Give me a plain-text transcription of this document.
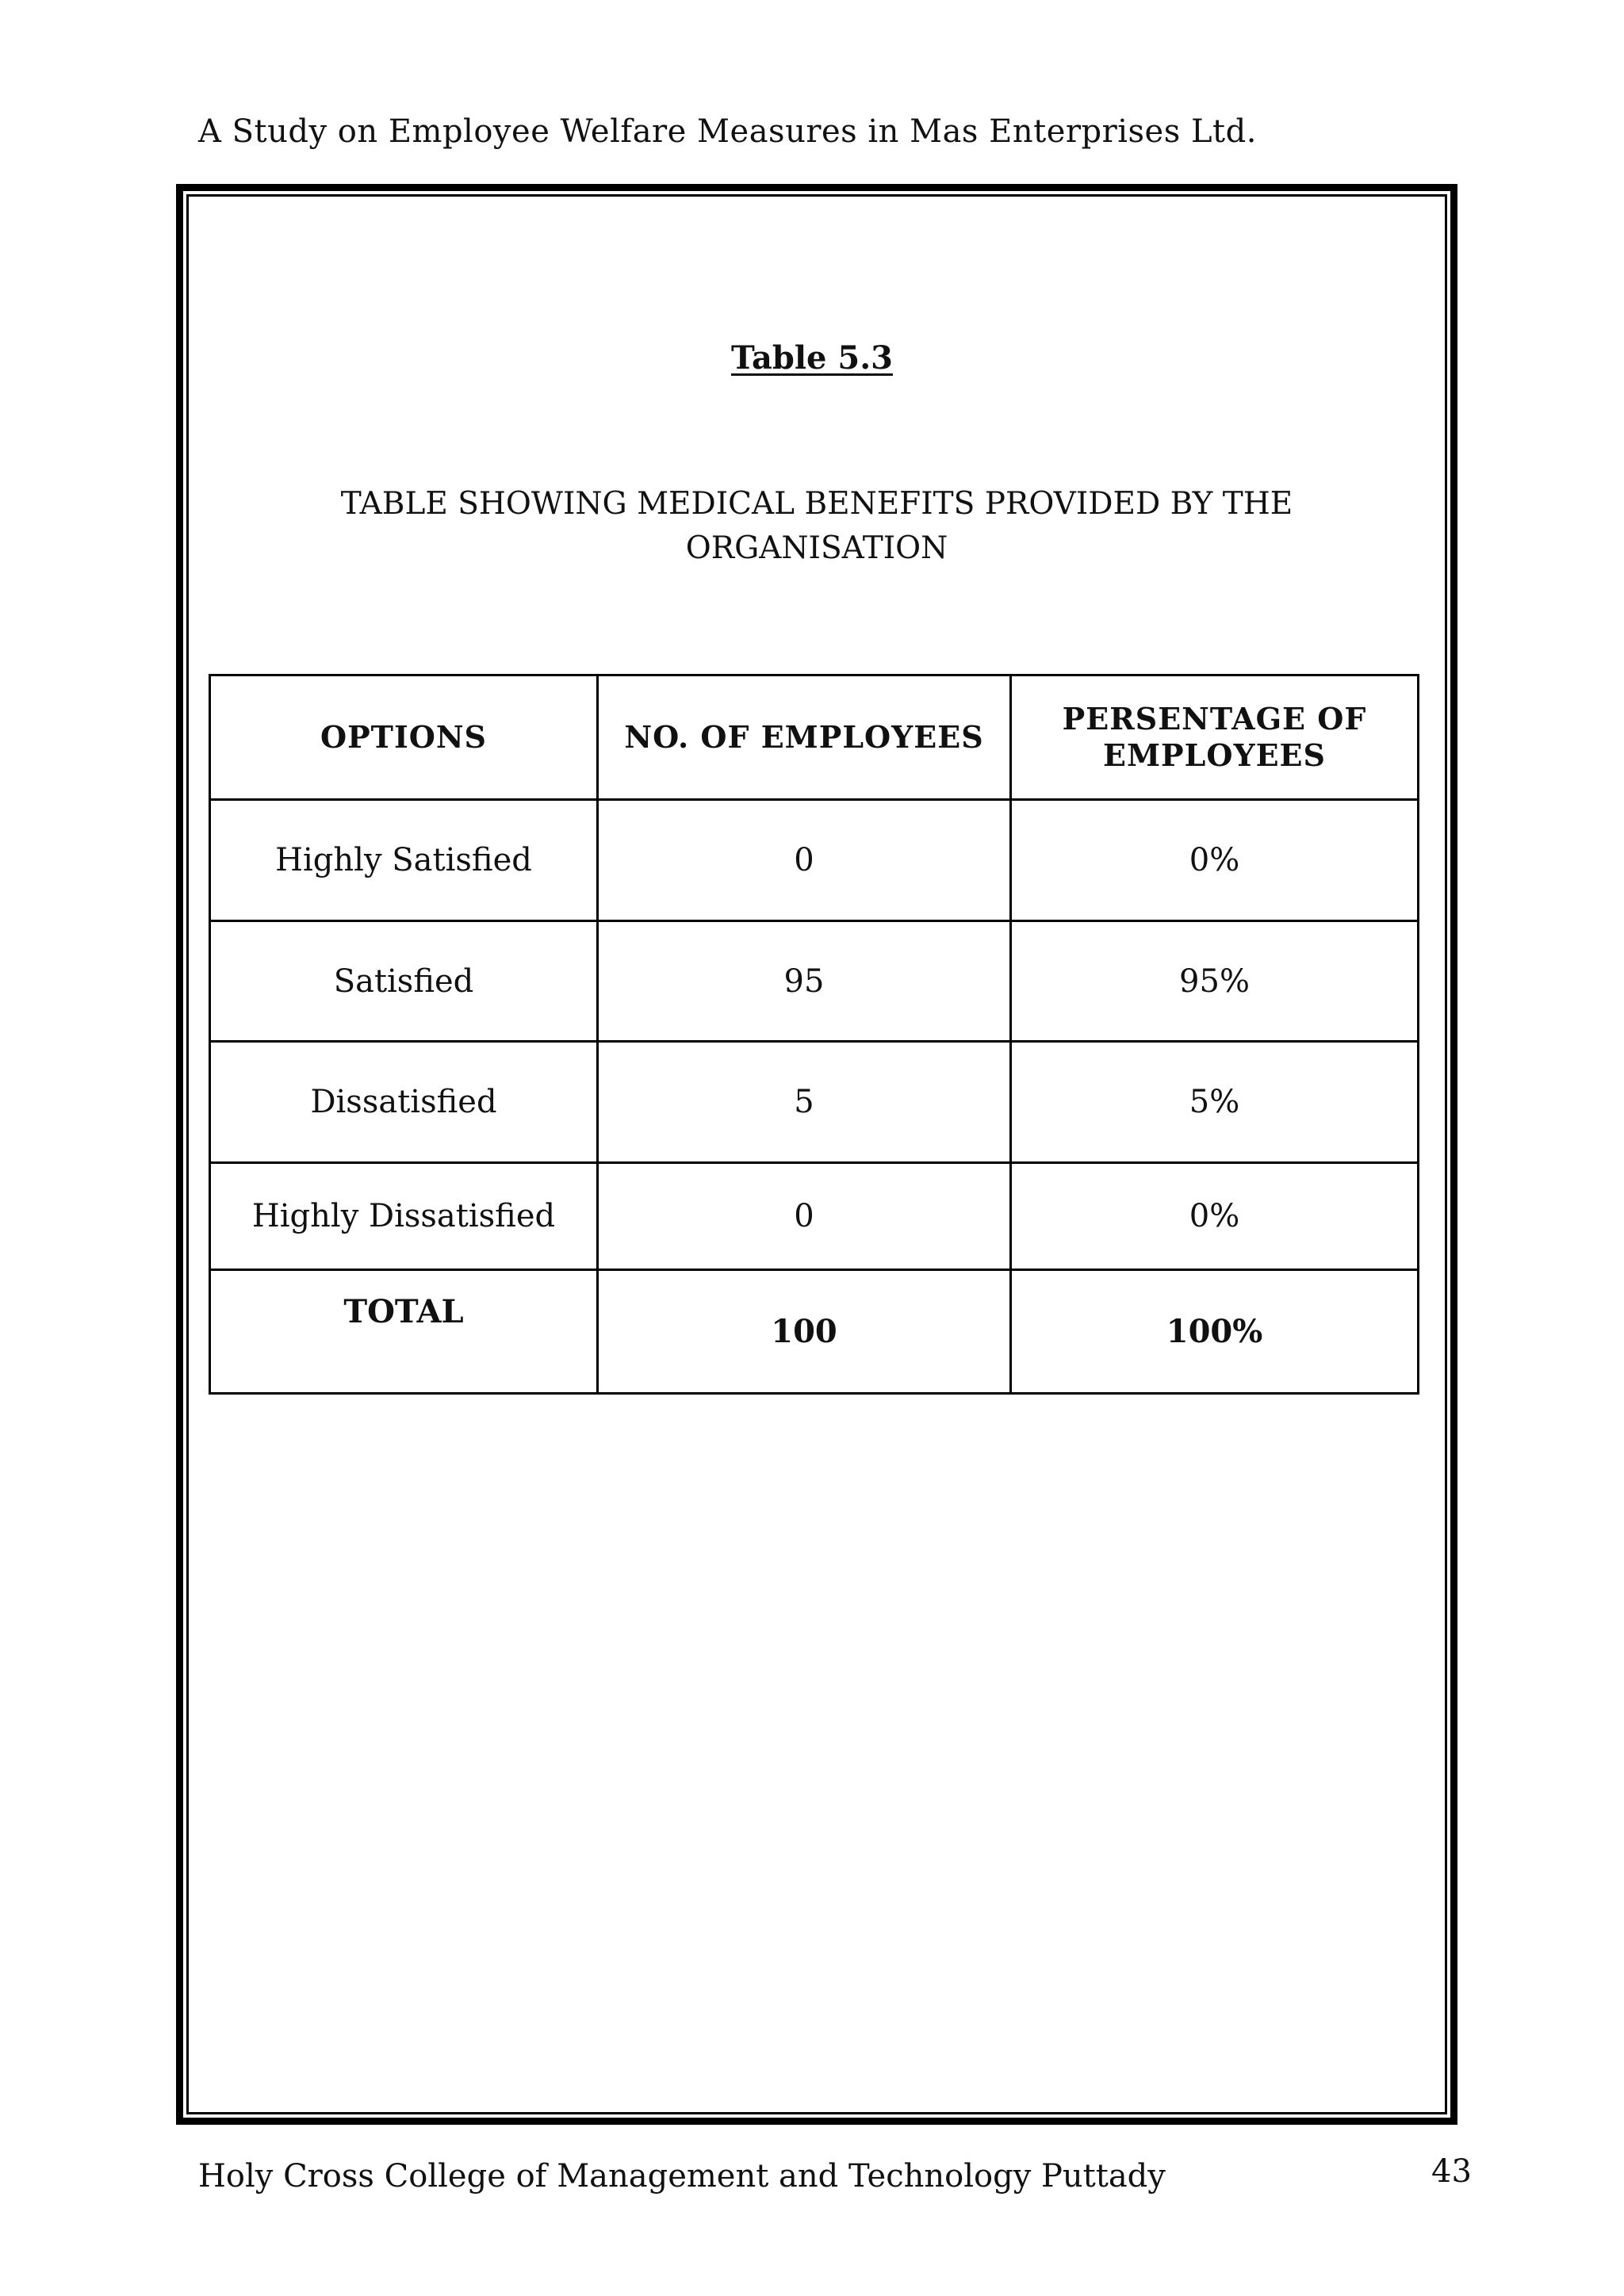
A Study on Employee Welfare Measures in Mas Enterprises Ltd.
Table 5.3
TABLE SHOWING MEDICAL BENEFITS PROVIDED BY THE
ORGANISATION
OPTIONS	NO. OF EMPLOYEES	PERSENTAGE OF EMPLOYEES
Highly Satisfied	0	0%
Satisfied	95	95%
Dissatisfied	5	5%
Highly Dissatisfied	0	0%
TOTAL	100	100%
Holy Cross College of Management and Technology Puttady	43
